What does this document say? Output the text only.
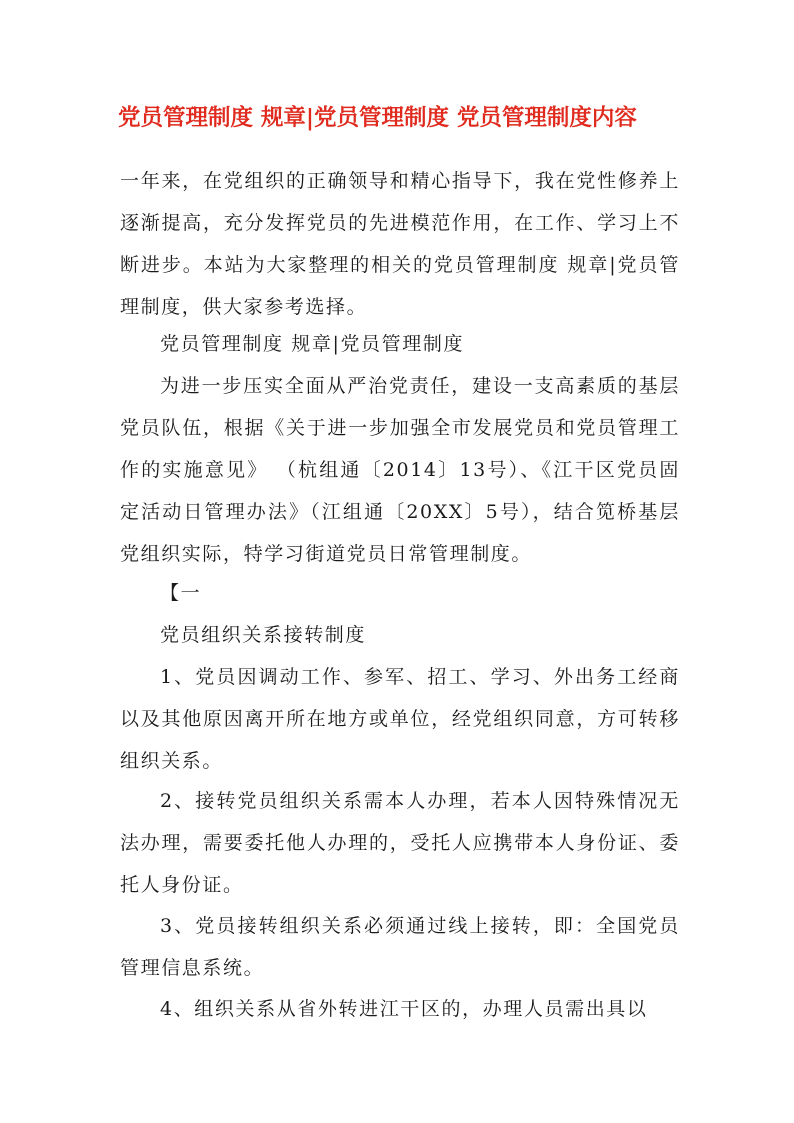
党员管理制度 规章|党员管理制度 党员管理制度内容

一年来，在党组织的正确领导和精心指导下，我在党性修养上逐渐提高，充分发挥党员的先进模范作用，在工作、学习上不断进步。本站为大家整理的相关的党员管理制度 规章|党员管理制度，供大家参考选择。

党员管理制度 规章|党员管理制度

为进一步压实全面从严治党责任，建设一支高素质的基层党员队伍，根据《关于进一步加强全市发展党员和党员管理工作的实施意见》 （杭组通〔2014〕13号）、《江干区党员固定活动日管理办法》（江组通〔20XX〕5号），结合笕桥基层党组织实际，特学习街道党员日常管理制度。

【一

党员组织关系接转制度

1、党员因调动工作、参军、招工、学习、外出务工经商以及其他原因离开所在地方或单位，经党组织同意，方可转移组织关系。

2、接转党员组织关系需本人办理，若本人因特殊情况无法办理，需要委托他人办理的，受托人应携带本人身份证、委托人身份证。

3、党员接转组织关系必须通过线上接转，即：全国党员管理信息系统。

4、组织关系从省外转进江干区的，办理人员需出具以
